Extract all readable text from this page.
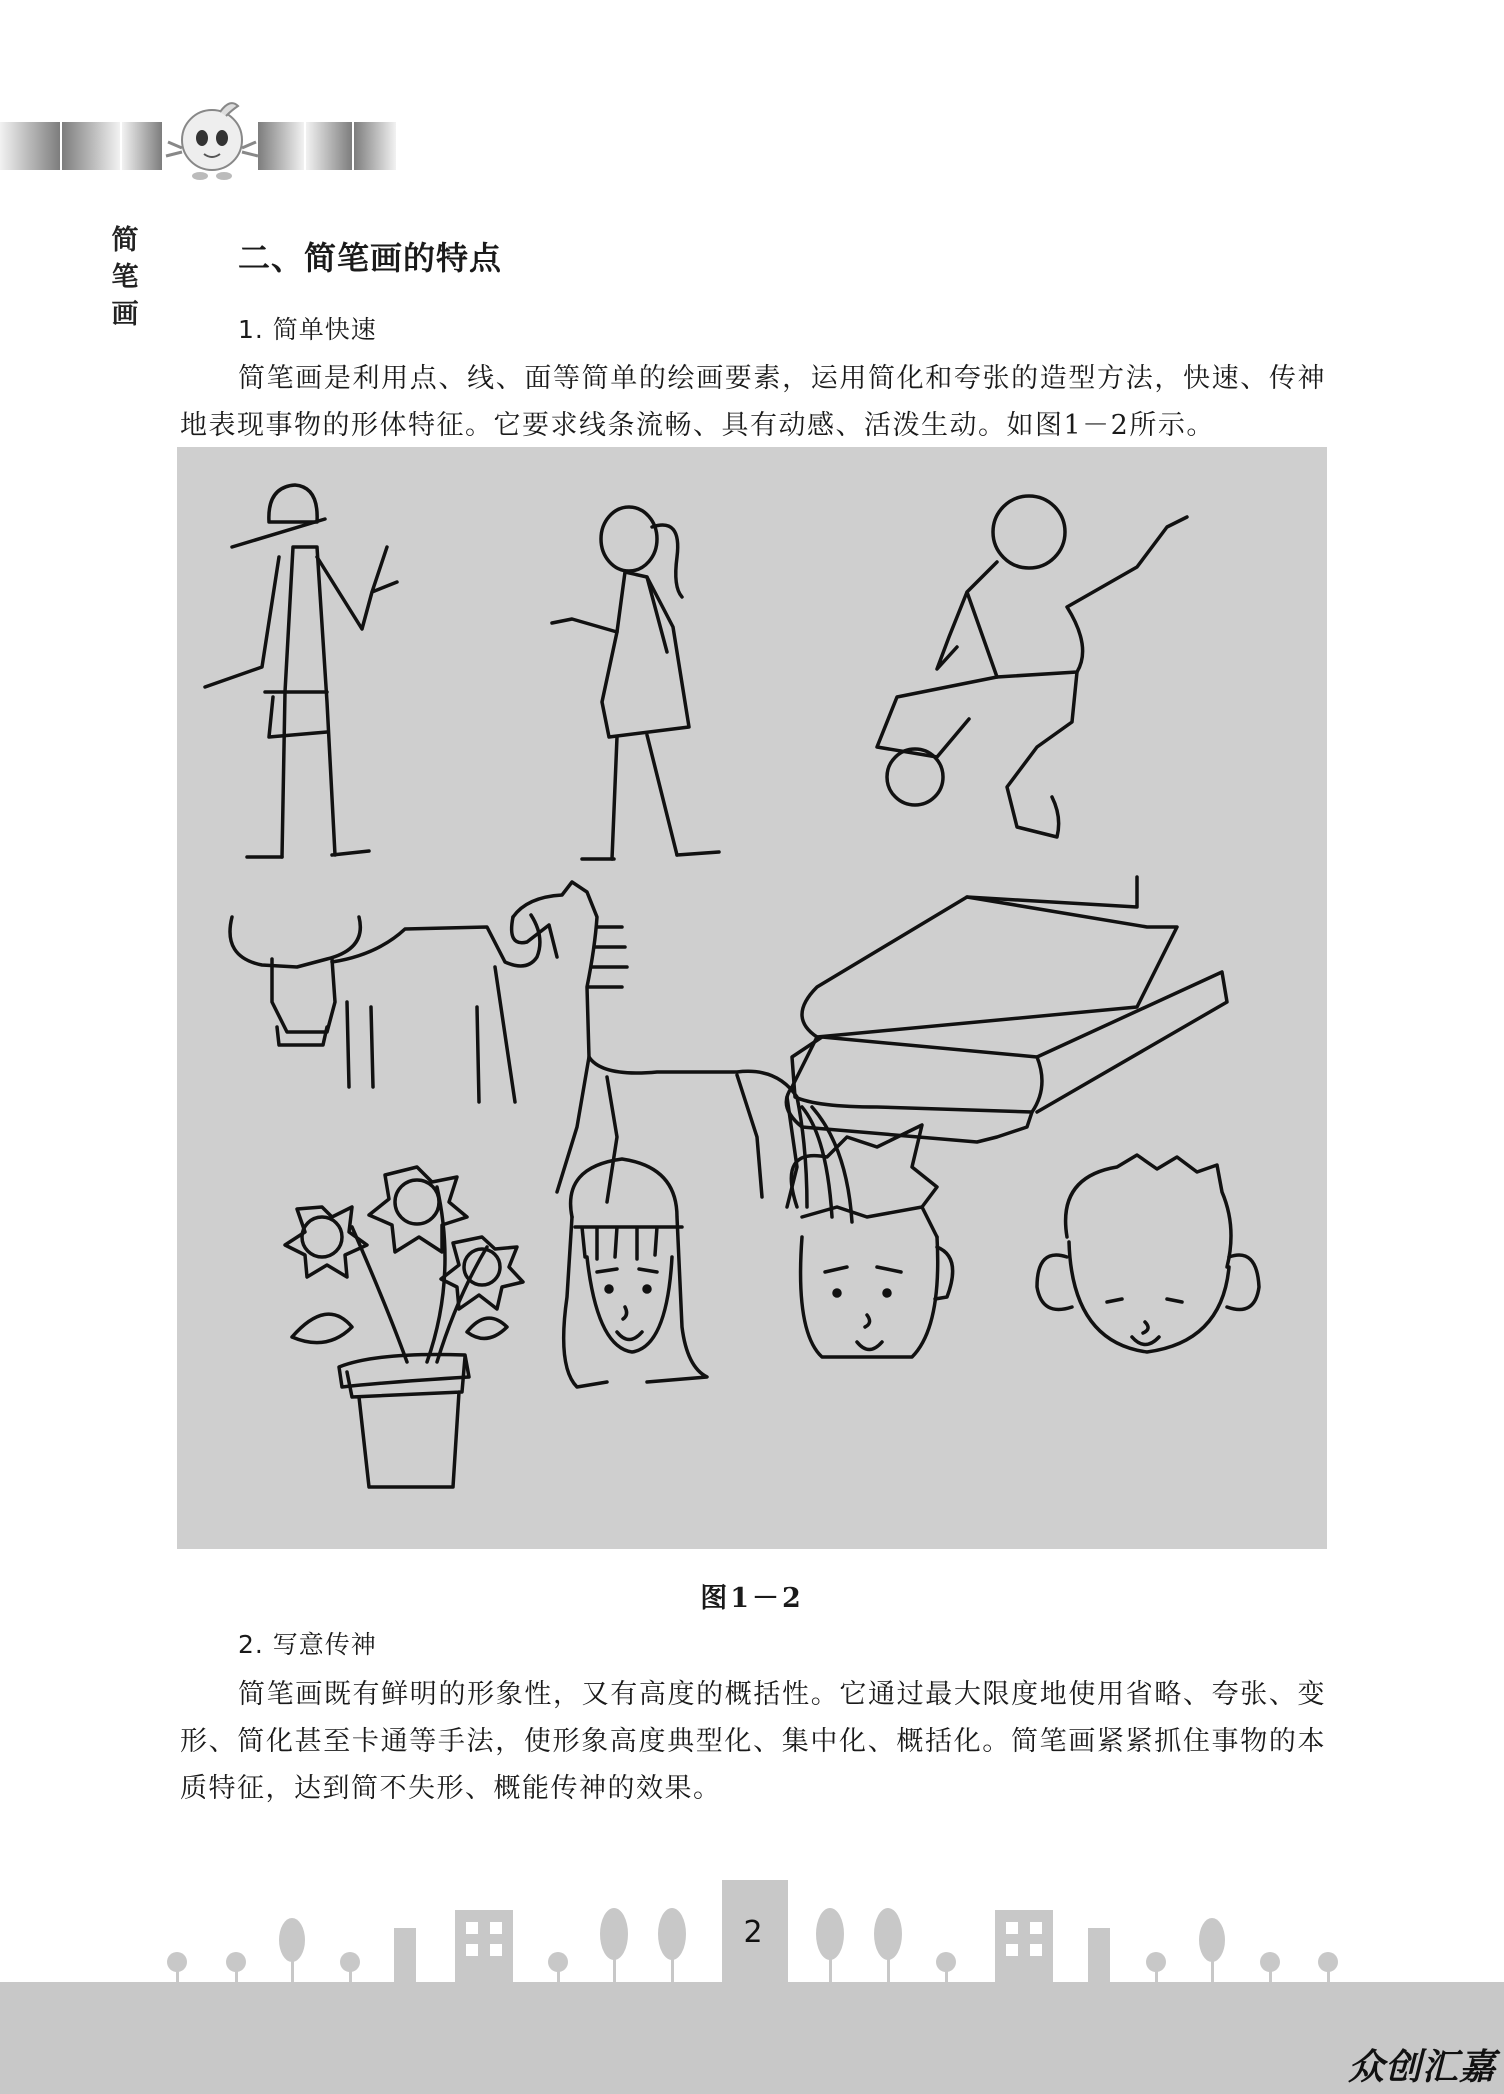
简
笔
画
二、简笔画的特点
1. 简单快速

简笔画是利用点、线、面等简单的绘画要素，运用简化和夸张的造型方法，快速、传神地表现事物的形体特征。它要求线条流畅、具有动感、活泼生动。如图1－2所示。

图1－2
2. 写意传神

简笔画既有鲜明的形象性，又有高度的概括性。它通过最大限度地使用省略、夸张、变形、简化甚至卡通等手法，使形象高度典型化、集中化、概括化。简笔画紧紧抓住事物的本质特征，达到简不失形、概能传神的效果。

2
众创汇嘉
